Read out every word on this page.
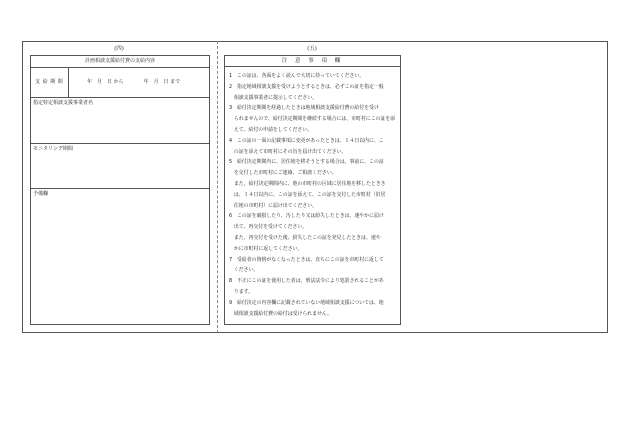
(四)
計画相談支援給付費の支給内容
支 給 期 間	年　月　日 から　　　　年　月　日 まで
指定特定相談支援事業者名
モニタリング期間
予備欄
(五)
注 意 事 項 欄
1　この証は、各面をよく読んで大切に持っていてください。
2　指定地域相談支援を受けようとするときは、必ずこの証を指定一般
　相談支援事業者に提示してください。
3　給付決定期間を経過したときは地域相談支援給付費の給付を受け
　られませんので、給付決定期間を継続する場合には、市町村にこの証を添
　えて、給付の申請をしてください。
4　この証の一面の記載事項に変更があったときは、１４日以内に、こ
　の証を添えて市町村にその旨を届け出てください。
5　給付決定期間内に、居住地を移そうとする場合は、事前に、この証
　を交付した市町村にご連絡、ご相談ください。
　また、給付決定期間内に、他の市町村の区域に居住地を移したときき
　は、１４日以内に、この証を添えて、この証を交付した市町村（旧居
　住地の市町村）に届け出てください。
6　この証を破損したり、汚したり又は紛失したときは、速やかに届け
　出て、再交付を受けてください。
　また、再交付を受けた後、紛失したこの証を発見したときは、速や
　かに市町村に返してください。
7　受給者の資格がなくなったときは、直ちにこの証を市町村に返して
　ください。
8　不正にこの証を使用した者は、刑法法令により処罰されることがあ
　ります。
9　給付決定の内容欄に記載されていない地域相談支援については、地
　域相談支援給付費の給付は受けられません。
